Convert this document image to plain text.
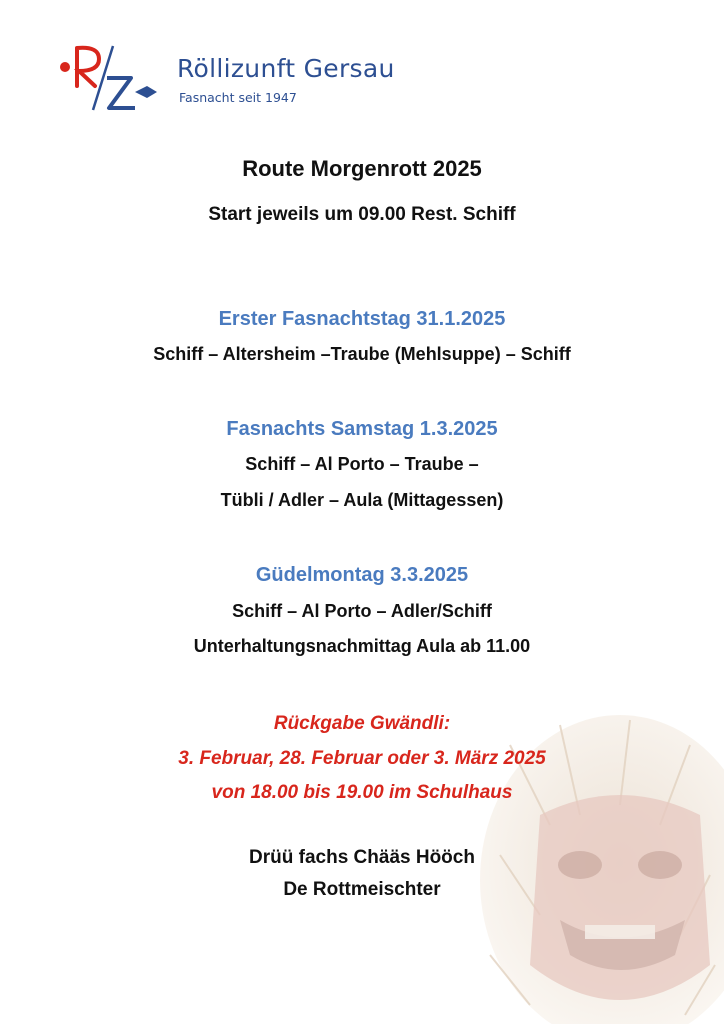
Röllizunft Gersau
Fasnacht seit 1947
Route Morgenrott 2025
Start jeweils um 09.00 Rest. Schiff
Erster Fasnachtstag 31.1.2025
Schiff – Altersheim –Traube (Mehlsuppe) – Schiff
Fasnachts Samstag 1.3.2025
Schiff – Al Porto – Traube –
Tübli / Adler – Aula (Mittagessen)
Güdelmontag 3.3.2025
Schiff – Al Porto – Adler/Schiff
Unterhaltungsnachmittag Aula ab 11.00
Rückgabe Gwändli:
3. Februar, 28. Februar oder 3. März 2025
von 18.00 bis 19.00 im Schulhaus
Drüü fachs Chääs Hööch
De Rottmeischter
